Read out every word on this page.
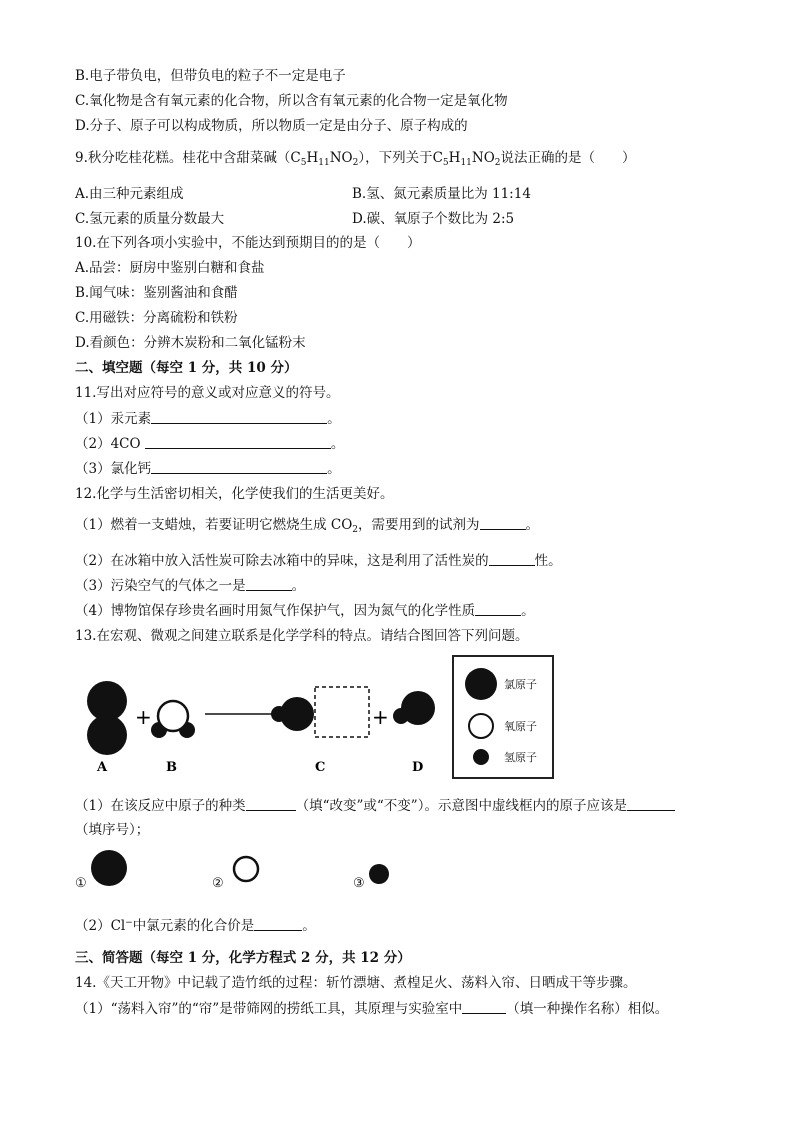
B.电子带负电，但带负电的粒子不一定是电子
C.氧化物是含有氧元素的化合物，所以含有氧元素的化合物一定是氧化物
D.分子、原子可以构成物质，所以物质一定是由分子、原子构成的
9.秋分吃桂花糕。桂花中含甜菜碱$(C_5H_{11}NO_2)$，下列关于$C_5H_{11}NO_2$说法正确的是（　　）
A.由三种元素组成	B.氢、氮元素质量比为 11:14
C.氢元素的质量分数最大	D.碳、氧原子个数比为 2:5
10.在下列各项小实验中，不能达到预期目的的是（　　）
A.品尝：厨房中鉴别白糖和食盐
B.闻气味：鉴别酱油和食醋
C.用磁铁：分离硫粉和铁粉
D.看颜色：分辨木炭粉和二氧化锰粉末
二、填空题（每空 1 分，共 10 分）
11.写出对应符号的意义或对应意义的符号。
（1）汞元素	。
（2）4CO	。
（3）氯化钙	。
12.化学与生活密切相关，化学使我们的生活更美好。
（1）燃着一支蜡烛，若要证明它燃烧生成 $CO_2$，需要用到的试剂为	。
（2）在冰箱中放入活性炭可除去冰箱中的异味，这是利用了活性炭的	性。
（3）污染空气的气体之一是	。
（4）博物馆保存珍贵名画时用氮气作保护气，因为氮气的化学性质	。
13.在宏观、微观之间建立联系是化学学科的特点。请结合图回答下列问题。
+	+
A	B	C	D
氯原子
氧原子
氢原子
（1）在该反应中原子的种类	（填“改变”或“不变”）。示意图中虚线框内的原子应该是
（填序号）；
①	②	③
（2）Cl−中氯元素的化合价是	。
三、简答题（每空 1 分，化学方程式 2 分，共 12 分）
14.《天工开物》中记载了造竹纸的过程：斩竹漂塘、煮楻足火、荡料入帘、日晒成干等步骤。
（1）“荡料入帘”的“帘”是带筛网的捞纸工具，其原理与实验室中	（填一种操作名称）相似。
